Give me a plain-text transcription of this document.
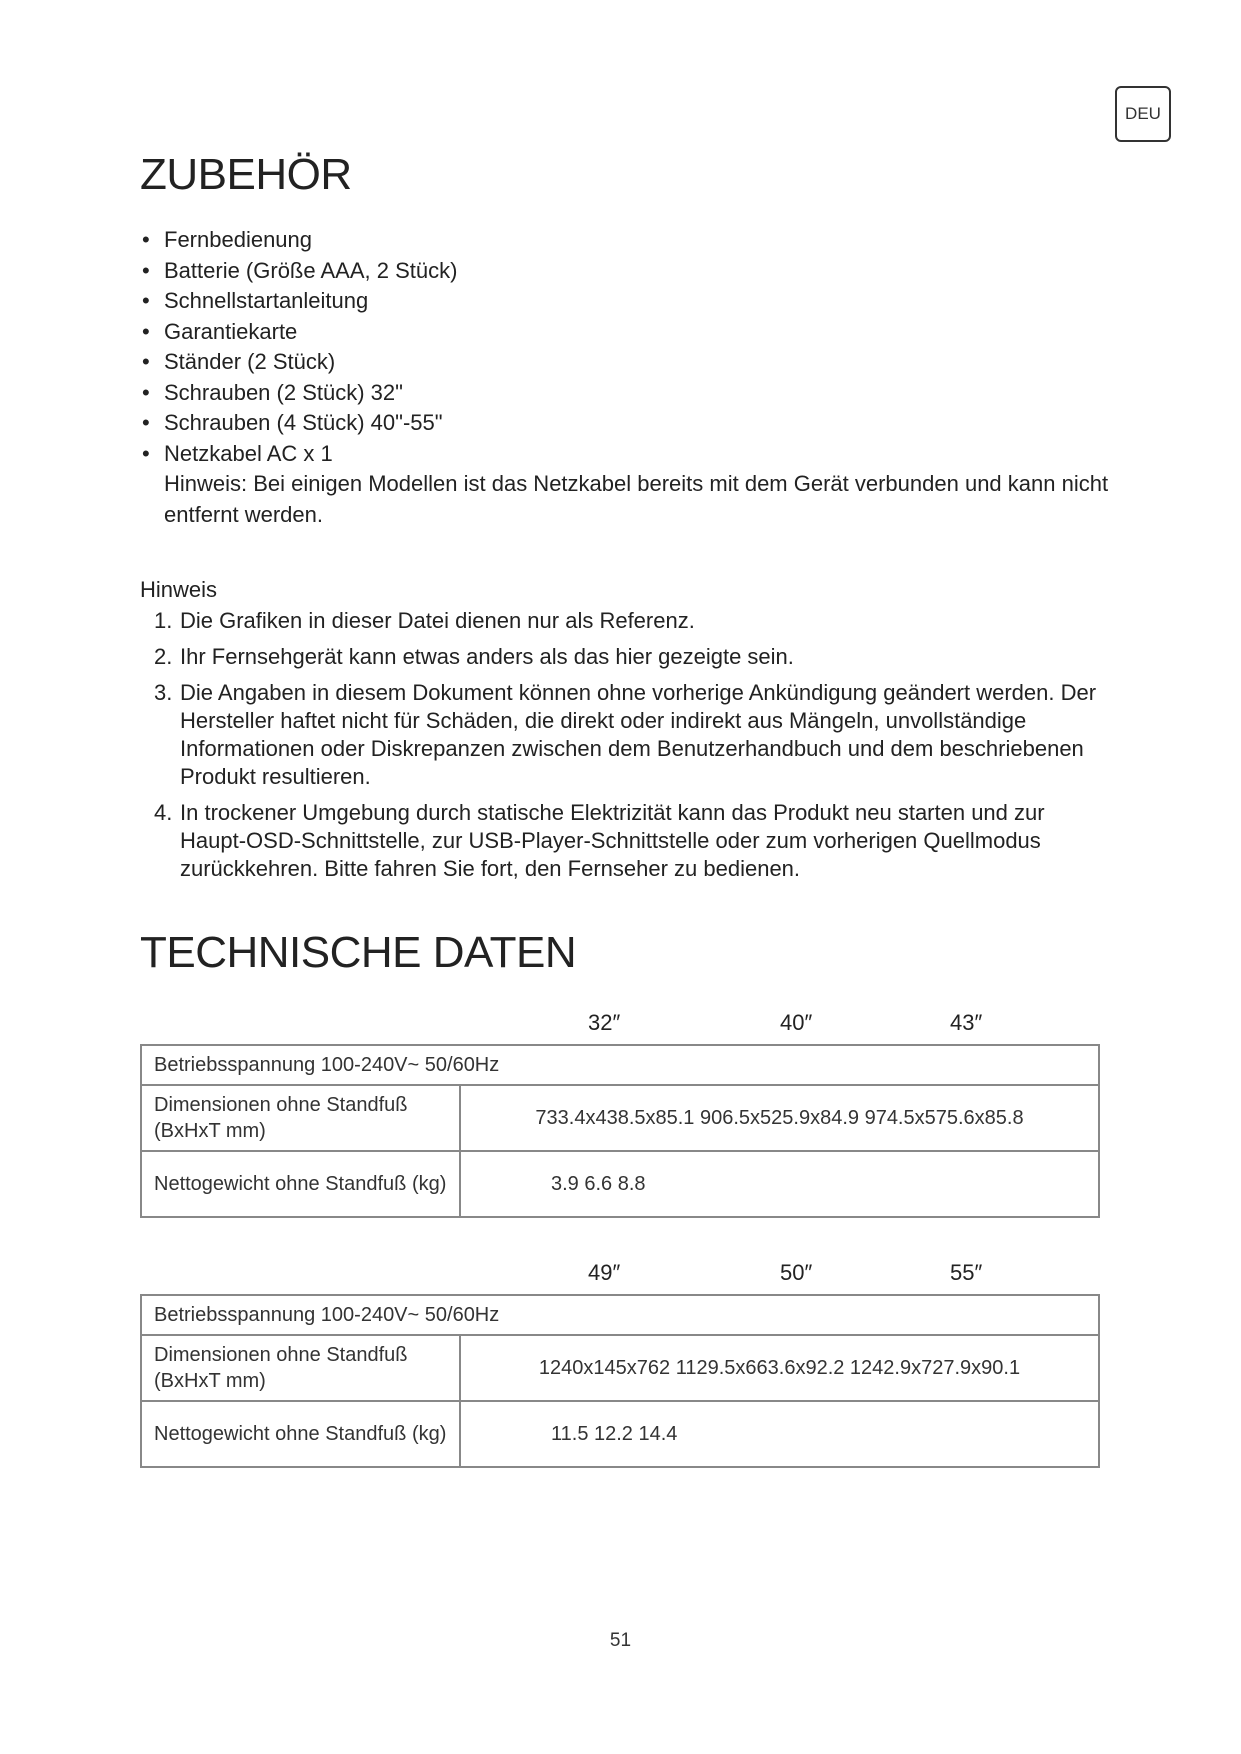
DEU
ZUBEHÖR
• Fernbedienung
• Batterie (Größe AAA, 2 Stück)
• Schnellstartanleitung
• Garantiekarte
• Ständer (2 Stück)
• Schrauben (2 Stück) 32"
• Schrauben (4 Stück) 40"-55"
• Netzkabel AC x 1
Hinweis: Bei einigen Modellen ist das Netzkabel bereits mit dem Gerät verbunden und kann nicht entfernt werden.
Hinweis
1. Die Grafiken in dieser Datei dienen nur als Referenz.
2. Ihr Fernsehgerät kann etwas anders als das hier gezeigte sein.
3. Die Angaben in diesem Dokument können ohne vorherige Ankündigung geändert werden. Der Hersteller haftet nicht für Schäden, die direkt oder indirekt aus Mängeln, unvollständige Informationen oder Diskrepanzen zwischen dem Benutzerhandbuch und dem beschriebenen Produkt resultieren.
4. In trockener Umgebung durch statische Elektrizität kann das Produkt neu starten und zur Haupt-OSD-Schnittstelle, zur USB-Player-Schnittstelle oder zum vorherigen Quellmodus zurückkehren. Bitte fahren Sie fort, den Fernseher zu bedienen.
TECHNISCHE DATEN
32″	40″	43″
Betriebsspannung 100-240V~ 50/60Hz	
Dimensionen ohne Standfuß (BxHxT mm)	733.4x438.5x85.1 906.5x525.9x84.9 974.5x575.6x85.8
Nettogewicht ohne Standfuß (kg)	3.9 6.6 8.8
49″	50″	55″
Betriebsspannung 100-240V~ 50/60Hz	
Dimensionen ohne Standfuß (BxHxT mm)	1240x145x762 1129.5x663.6x92.2 1242.9x727.9x90.1
Nettogewicht ohne Standfuß (kg)	11.5 12.2 14.4
51
